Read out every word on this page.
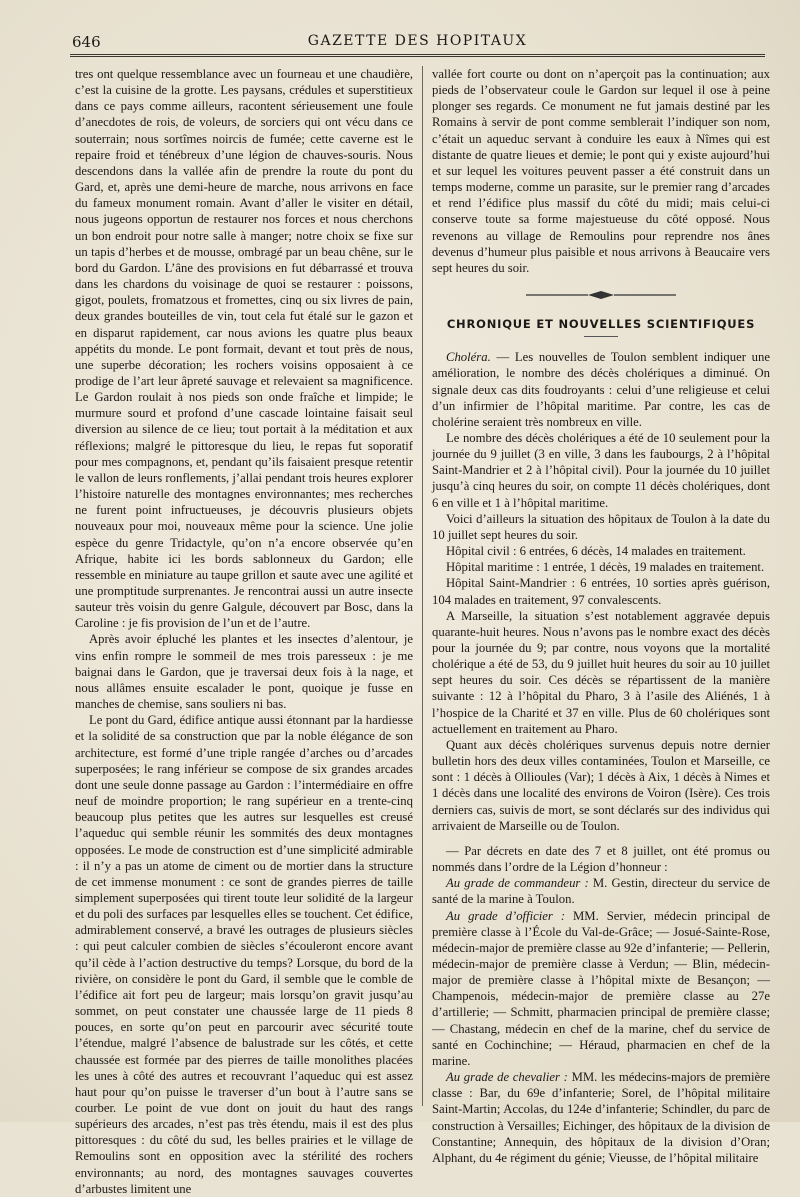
646	GAZETTE DES HOPITAUX

tres ont quelque ressemblance avec un fourneau et une chaudière, c’est la cuisine de la grotte. Les paysans, crédules et superstitieux dans ce pays comme ailleurs, racontent sérieusement une foule d’anecdotes de rois, de voleurs, de sorciers qui ont vécu dans ce souterrain; nous sortîmes noircis de fumée; cette caverne est le repaire froid et ténébreux d’une légion de chauves-souris. Nous descendons dans la vallée afin de prendre la route du pont du Gard, et, après une demi-heure de marche, nous arrivons en face du fameux monument romain. Avant d’aller le visiter en détail, nous jugeons opportun de restaurer nos forces et nous cherchons un bon endroit pour notre salle à manger; notre choix se fixe sur un tapis d’herbes et de mousse, ombragé par un beau chêne, sur le bord du Gardon. L’âne des provisions en fut débarrassé et trouva dans les chardons du voisinage de quoi se restaurer : poissons, gigot, poulets, fromatzous et fromettes, cinq ou six livres de pain, deux grandes bouteilles de vin, tout cela fut étalé sur le gazon et en disparut rapidement, car nous avions les quatre plus beaux appétits du monde. Le pont formait, devant et tout près de nous, une superbe décoration; les rochers voisins opposaient à ce prodige de l’art leur âpreté sauvage et relevaient sa magnificence. Le Gardon roulait à nos pieds son onde fraîche et limpide; le murmure sourd et profond d’une cascade lointaine faisait seul diversion au silence de ce lieu; tout portait à la méditation et aux réflexions; malgré le pittoresque du lieu, le repas fut soporatif pour mes compagnons, et, pendant qu’ils faisaient presque retentir le vallon de leurs ronflements, j’allai pendant trois heures explorer l’histoire naturelle des montagnes environnantes; mes recherches ne furent point infructueuses, je découvris plusieurs objets nouveaux pour moi, nouveaux même pour la science. Une jolie espèce du genre Tridactyle, qu’on n’a encore observée qu’en Afrique, habite ici les bords sablonneux du Gardon; elle ressemble en miniature au taupe grillon et saute avec une agilité et une promptitude surprenantes. Je rencontrai aussi un autre insecte sauteur très voisin du genre Galgule, découvert par Bosc, dans la Caroline : je fis provision de l’un et de l’autre.

Après avoir épluché les plantes et les insectes d’alentour, je vins enfin rompre le sommeil de mes trois paresseux : je me baignai dans le Gardon, que je traversai deux fois à la nage, et nous allâmes ensuite escalader le pont, quoique je fusse en manches de chemise, sans souliers ni bas.

Le pont du Gard, édifice antique aussi étonnant par la hardiesse et la solidité de sa construction que par la noble élégance de son architecture, est formé d’une triple rangée d’arches ou d’arcades superposées; le rang inférieur se compose de six grandes arcades dont une seule donne passage au Gardon : l’intermédiaire en offre neuf de moindre proportion; le rang supérieur en a trente-cinq beaucoup plus petites que les autres sur lesquelles est creusé l’aqueduc qui semble réunir les sommités des deux montagnes opposées. Le mode de construction est d’une simplicité admirable : il n’y a pas un atome de ciment ou de mortier dans la structure de cet immense monument : ce sont de grandes pierres de taille simplement superposées qui tirent toute leur solidité de la largeur et du poli des surfaces par lesquelles elles se touchent. Cet édifice, admirablement conservé, a bravé les outrages de plusieurs siècles : qui peut calculer combien de siècles s’écouleront encore avant qu’il cède à l’action destructive du temps? Lorsque, du bord de la rivière, on considère le pont du Gard, il semble que le comble de l’édifice ait fort peu de largeur; mais lorsqu’on gravit jusqu’au sommet, on peut constater une chaussée large de 11 pieds 8 pouces, en sorte qu’on peut en parcourir avec sécurité toute l’étendue, malgré l’absence de balustrade sur les côtés, et cette chaussée est formée par des pierres de taille monolithes placées les unes à côté des autres et recouvrant l’aqueduc qui est assez haut pour qu’on puisse le traverser d’un bout à l’autre sans se courber. Le point de vue dont on jouit du haut des rangs supérieurs des arcades, n’est pas très étendu, mais il est des plus pittoresques : du côté du sud, les belles prairies et le village de Remoulins sont en opposition avec la stérilité des rochers environnants; au nord, des montagnes sauvages couvertes d’arbustes limitent une

vallée fort courte ou dont on n’aperçoit pas la continuation; aux pieds de l’observateur coule le Gardon sur lequel il ose à peine plonger ses regards. Ce monument ne fut jamais destiné par les Romains à servir de pont comme semblerait l’indiquer son nom, c’était un aqueduc servant à conduire les eaux à Nîmes qui est distante de quatre lieues et demie; le pont qui y existe aujourd’hui et sur lequel les voitures peuvent passer a été construit dans un temps moderne, comme un parasite, sur le premier rang d’arcades et rend l’édifice plus massif du côté du midi; mais celui-ci conserve toute sa forme majestueuse du côté opposé. Nous revenons au village de Remoulins pour reprendre nos ânes devenus d’humeur plus paisible et nous arrivons à Beaucaire vers sept heures du soir.

CHRONIQUE ET NOUVELLES SCIENTIFIQUES

Choléra. — Les nouvelles de Toulon semblent indiquer une amélioration, le nombre des décès cholériques a diminué. On signale deux cas dits foudroyants : celui d’une religieuse et celui d’un infirmier de l’hôpital maritime. Par contre, les cas de cholérine seraient très nombreux en ville.

Le nombre des décès cholériques a été de 10 seulement pour la journée du 9 juillet (3 en ville, 3 dans les faubourgs, 2 à l’hôpital Saint-Mandrier et 2 à l’hôpital civil). Pour la journée du 10 juillet jusqu’à cinq heures du soir, on compte 11 décès cholériques, dont 6 en ville et 1 à l’hôpital maritime.

Voici d’ailleurs la situation des hôpitaux de Toulon à la date du 10 juillet sept heures du soir.

Hôpital civil : 6 entrées, 6 décès, 14 malades en traitement.

Hôpital maritime : 1 entrée, 1 décès, 19 malades en traitement.

Hôpital Saint-Mandrier : 6 entrées, 10 sorties après guérison, 104 malades en traitement, 97 convalescents.

A Marseille, la situation s’est notablement aggravée depuis quarante-huit heures. Nous n’avons pas le nombre exact des décès pour la journée du 9; par contre, nous voyons que la mortalité cholérique a été de 53, du 9 juillet huit heures du soir au 10 juillet sept heures du soir. Ces décès se répartissent de la manière suivante : 12 à l’hôpital du Pharo, 3 à l’asile des Aliénés, 1 à l’hospice de la Charité et 37 en ville. Plus de 60 cholériques sont actuellement en traitement au Pharo.

Quant aux décès cholériques survenus depuis notre dernier bulletin hors des deux villes contaminées, Toulon et Marseille, ce sont : 1 décès à Ollioules (Var); 1 décès à Aix, 1 décès à Nimes et 1 décès dans une localité des environs de Voiron (Isère). Ces trois derniers cas, suivis de mort, se sont déclarés sur des individus qui arrivaient de Marseille ou de Toulon.

— Par décrets en date des 7 et 8 juillet, ont été promus ou nommés dans l’ordre de la Légion d’honneur :

Au grade de commandeur : M. Gestin, directeur du service de santé de la marine à Toulon.

Au grade d’officier : MM. Servier, médecin principal de première classe à l’École du Val-de-Grâce; — Josué-Sainte-Rose, médecin-major de première classe au 92e d’infanterie; — Pellerin, médecin-major de première classe à Verdun; — Blin, médecin-major de première classe à l’hôpital mixte de Besançon; — Champenois, médecin-major de première classe au 27e d’artillerie; — Schmitt, pharmacien principal de première classe; — Chastang, médecin en chef de la marine, chef du service de santé en Cochinchine; — Héraud, pharmacien en chef de la marine.

Au grade de chevalier : MM. les médecins-majors de première classe : Bar, du 69e d’infanterie; Sorel, de l’hôpital militaire Saint-Martin; Accolas, du 124e d’infanterie; Schindler, du parc de construction à Versailles; Eichinger, des hôpitaux de la division de Constantine; Annequin, des hôpitaux de la division d’Oran; Alphant, du 4e régiment du génie; Vieusse, de l’hôpital militaire
